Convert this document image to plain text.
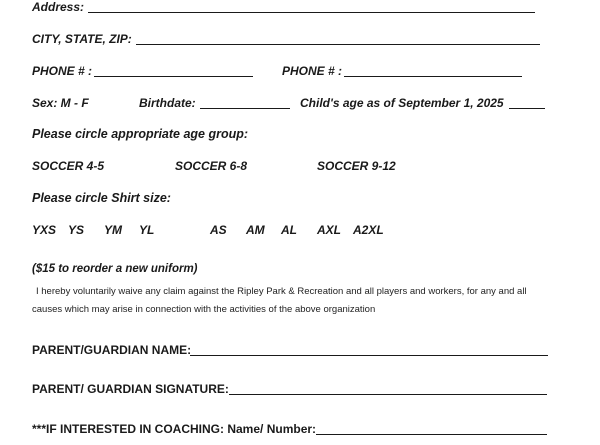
Address:
CITY, STATE, ZIP:
PHONE # :	PHONE # :
Sex: M - F	Birthdate:	Child's age as of September 1, 2025
Please circle appropriate age group:
SOCCER 4-5	SOCCER 6-8	SOCCER 9-12
Please circle Shirt size:
YXS YS YM YL	AS AM AL AXL A2XL
($15 to reorder a new uniform)
I hereby voluntarily waive any claim against the Ripley Park & Recreation and all players and workers, for any and all
causes which may arise in connection with the activities of the above organization
PARENT/GUARDIAN NAME:
PARENT/ GUARDIAN SIGNATURE:
***IF INTERESTED IN COACHING: Name/ Number:
